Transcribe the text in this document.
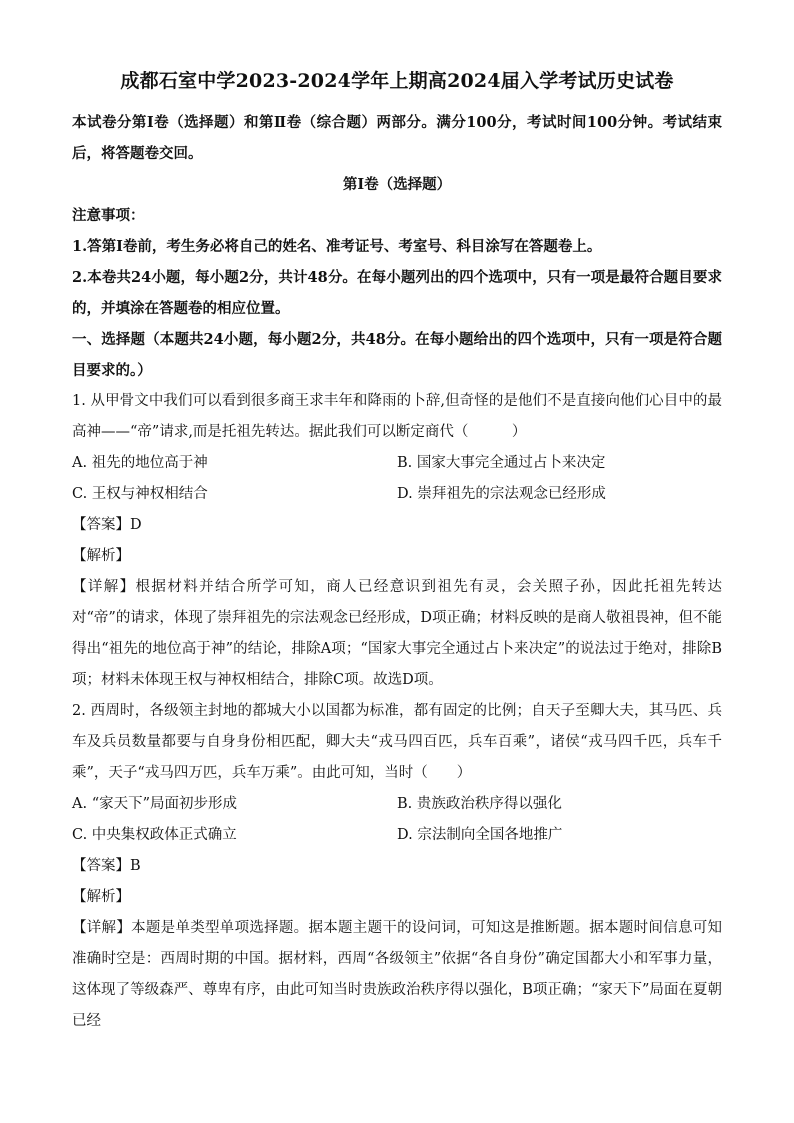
成都石室中学2023-2024学年上期高2024届入学考试历史试卷

本试卷分第Ⅰ卷（选择题）和第Ⅱ卷（综合题）两部分。满分100分，考试时间100分钟。考试结束后，将答题卷交回。

第Ⅰ卷（选择题）

注意事项：

1.答第Ⅰ卷前，考生务必将自己的姓名、准考证号、考室号、科目涂写在答题卷上。

2.本卷共24小题，每小题2分，共计48分。在每小题列出的四个选项中，只有一项是最符合题目要求的，并填涂在答题卷的相应位置。

一、选择题（本题共24小题，每小题2分，共48分。在每小题给出的四个选项中，只有一项是符合题目要求的。）

1. 从甲骨文中我们可以看到很多商王求丰年和降雨的卜辞,但奇怪的是他们不是直接向他们心目中的最高神——“帝”请求,而是托祖先转达。据此我们可以断定商代（　　　）

A. 祖先的地位高于神	B. 国家大事完全通过占卜来决定
C. 王权与神权相结合	D. 崇拜祖先的宗法观念已经形成

【答案】D

【解析】

【详解】根据材料并结合所学可知，商人已经意识到祖先有灵，会关照子孙，因此托祖先转达对“帝”的请求，体现了崇拜祖先的宗法观念已经形成，D项正确；材料反映的是商人敬祖畏神，但不能得出“祖先的地位高于神”的结论，排除A项；“国家大事完全通过占卜来决定”的说法过于绝对，排除B项；材料未体现王权与神权相结合，排除C项。故选D项。

2. 西周时，各级领主封地的都城大小以国都为标准，都有固定的比例；自天子至卿大夫，其马匹、兵车及兵员数量都要与自身身份相匹配，卿大夫“戎马四百匹，兵车百乘”，诸侯“戎马四千匹，兵车千乘”，天子“戎马四万匹，兵车万乘”。由此可知，当时（　　）

A. “家天下”局面初步形成	B. 贵族政治秩序得以强化
C. 中央集权政体正式确立	D. 宗法制向全国各地推广

【答案】B

【解析】

【详解】本题是单类型单项选择题。据本题主题干的设问词，可知这是推断题。据本题时间信息可知准确时空是：西周时期的中国。据材料，西周“各级领主”依据“各自身份”确定国都大小和军事力量，这体现了等级森严、尊卑有序，由此可知当时贵族政治秩序得以强化，B项正确；“家天下”局面在夏朝已经
